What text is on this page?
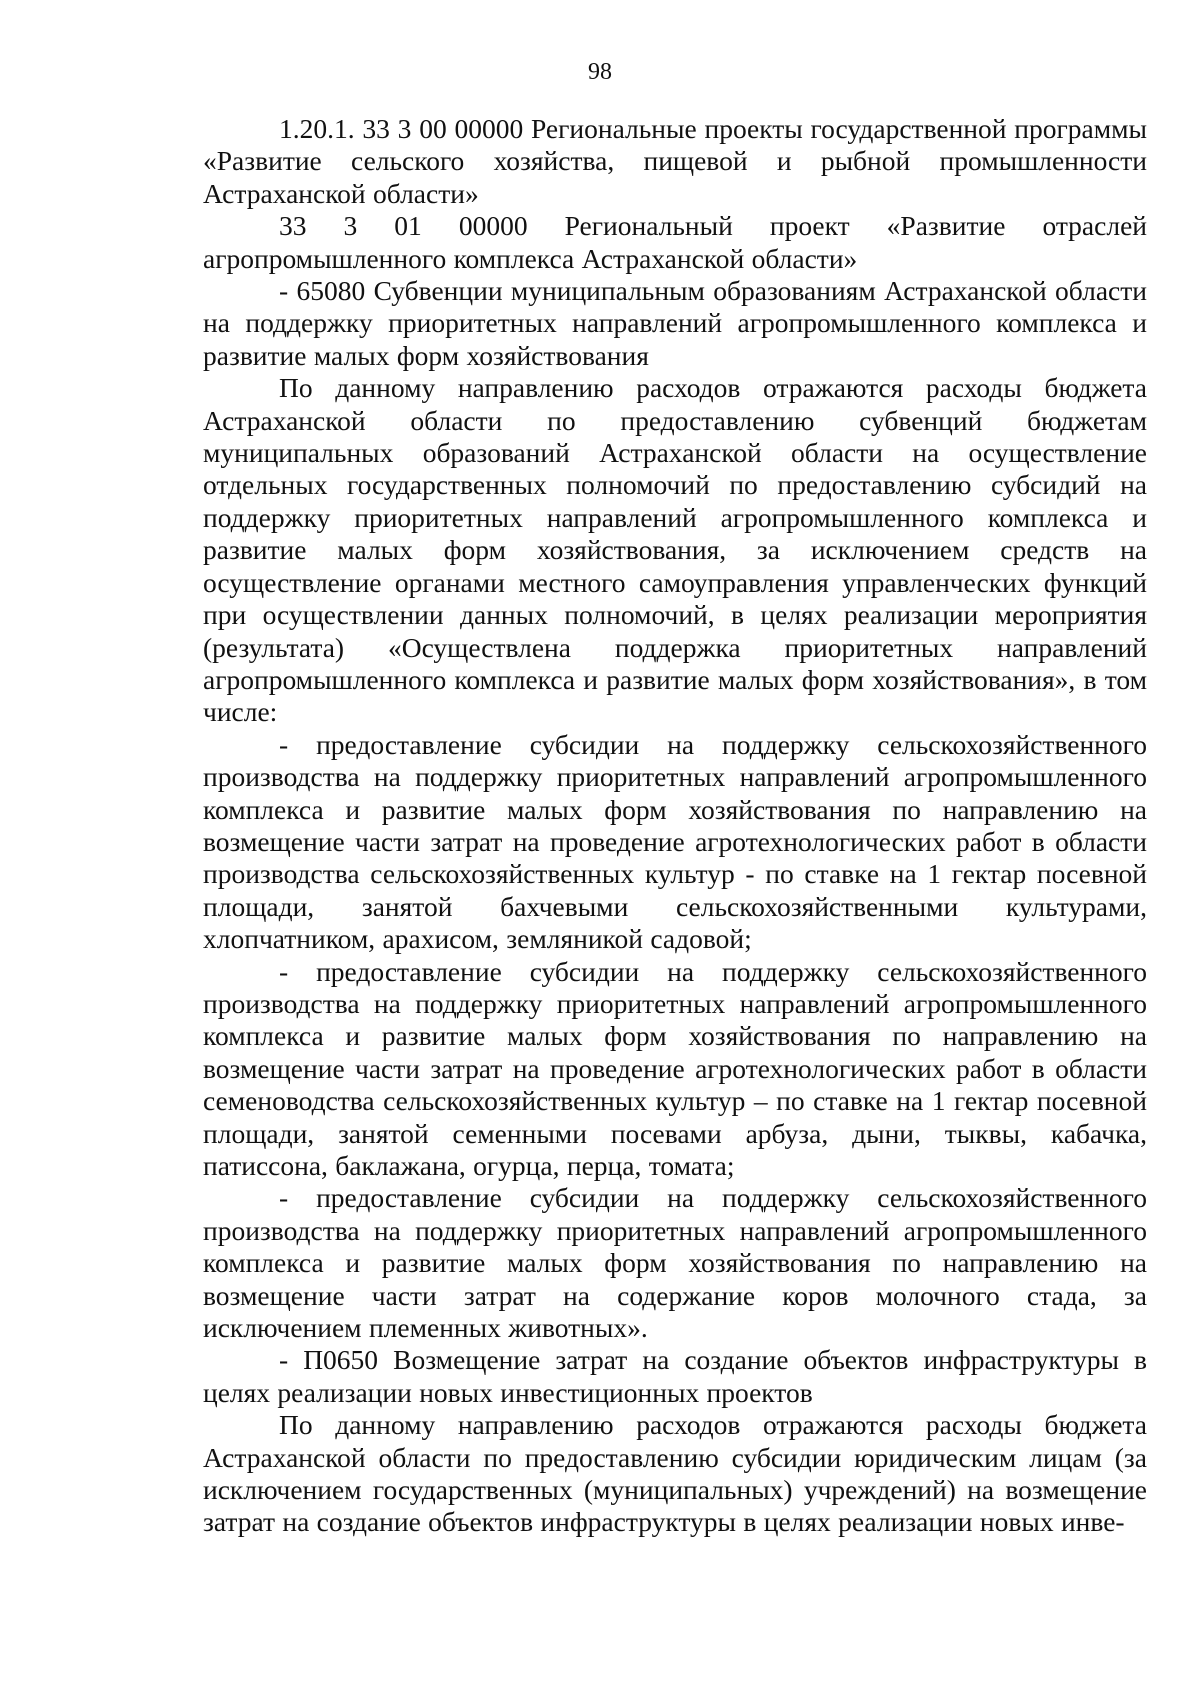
98

1.20.1. 33 3 00 00000 Региональные проекты государственной программы «Развитие сельского хозяйства, пищевой и рыбной промышленности Астраханской области»

33 3 01 00000 Региональный проект «Развитие отраслей агропромышленного комплекса Астраханской области»

- 65080 Субвенции муниципальным образованиям Астраханской области на поддержку приоритетных направлений агропромышленного комплекса и развитие малых форм хозяйствования

По данному направлению расходов отражаются расходы бюджета Астраханской области по предоставлению субвенций бюджетам муниципальных образований Астраханской области на осуществление отдельных государственных полномочий по предоставлению субсидий на поддержку приоритетных направлений агропромышленного комплекса и развитие малых форм хозяйствования, за исключением средств на осуществление органами местного самоуправления управленческих функций при осуществлении данных полномочий, в целях реализации мероприятия (результата) «Осуществлена поддержка приоритетных направлений агропромышленного комплекса и развитие малых форм хозяйствования», в том числе:

- предоставление субсидии на поддержку сельскохозяйственного производства на поддержку приоритетных направлений агропромышленного комплекса и развитие малых форм хозяйствования по направлению на возмещение части затрат на проведение агротехнологических работ в области производства сельскохозяйственных культур - по ставке на 1 гектар посевной площади, занятой бахчевыми сельскохозяйственными культурами, хлопчатником, арахисом, земляникой садовой;

- предоставление субсидии на поддержку сельскохозяйственного производства на поддержку приоритетных направлений агропромышленного комплекса и развитие малых форм хозяйствования по направлению на возмещение части затрат на проведение агротехнологических работ в области семеноводства сельскохозяйственных культур – по ставке на 1 гектар посевной площади, занятой семенными посевами арбуза, дыни, тыквы, кабачка, патиссона, баклажана, огурца, перца, томата;

- предоставление субсидии на поддержку сельскохозяйственного производства на поддержку приоритетных направлений агропромышленного комплекса и развитие малых форм хозяйствования по направлению на возмещение части затрат на содержание коров молочного стада, за исключением племенных животных».

- П0650 Возмещение затрат на создание объектов инфраструктуры в целях реализации новых инвестиционных проектов

По данному направлению расходов отражаются расходы бюджета Астраханской области по предоставлению субсидии юридическим лицам (за исключением государственных (муниципальных) учреждений) на возмещение затрат на создание объектов инфраструктуры в целях реализации новых инве-
